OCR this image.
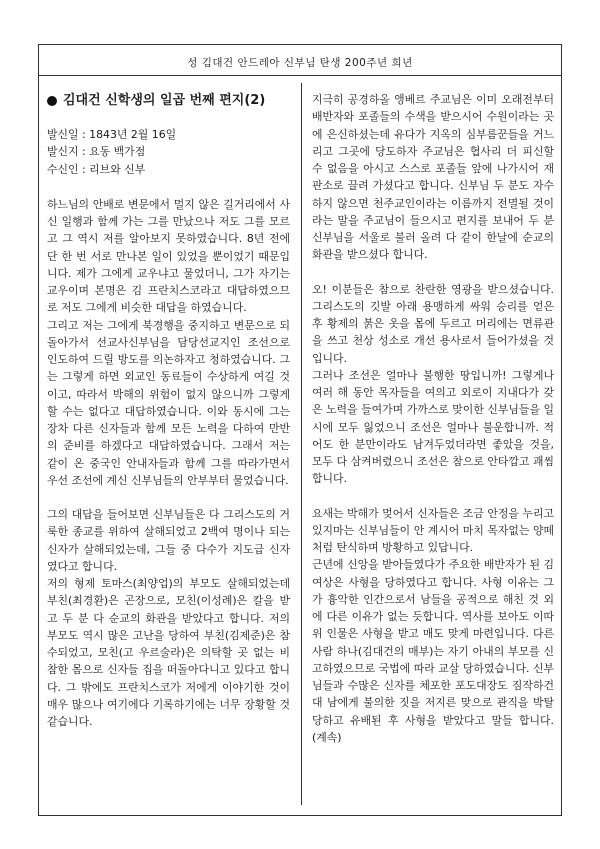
성 김대건 안드레아 신부님 탄생 200주년 희년
김대건 신학생의 일곱 번째 편지(2)

발신일 : 1843년 2월 16일

발신지 : 요동 백가점

수신인 : 리브와 신부

하느님의 안배로 변문에서 멀지 않은 길거리에서 사신 일행과 함께 가는 그를 만났으나 저도 그를 모르고 그 역시 저를 알아보지 못하였습니다. 8년 전에 단 한 번 서로 만나본 일이 있었을 뿐이었기 때문입니다. 제가 그에게 교우냐고 물었더니, 그가 자기는 교우이며 본명은 김 프란치스코라고 대답하였으므로 저도 그에게 비슷한 대답을 하였습니다.

그리고 저는 그에게 북경행을 중지하고 변문으로 되돌아가서 선교사신부님을 담당선교지인 조선으로 인도하여 드릴 방도를 의논하자고 청하였습니다. 그는 그렇게 하면 외교인 동료들이 수상하게 여길 것이고, 따라서 박해의 위험이 없지 않으니까 그렇게 할 수는 없다고 대답하였습니다. 이와 동시에 그는 장차 다른 신자들과 함께 모든 노력을 다하여 만반의 준비를 하겠다고 대답하였습니다. 그래서 저는 같이 온 중국인 안내자들과 함께 그를 따라가면서 우선 조선에 계신 신부님들의 안부부터 물었습니다.

그의 대답을 들어보면 신부님들은 다 그리스도의 거룩한 종교를 위하여 살해되었고 2백여 명이나 되는 신자가 살해되었는데, 그들 중 다수가 지도급 신자였다고 합니다.

저의 형제 토마스(최양업)의 부모도 살해되었는데 부친(최경환)은 곤장으로, 모친(이성례)은 칼을 받고 두 분 다 순교의 화관을 받았다고 합니다. 저의 부모도 역시 많은 고난을 당하여 부친(김제준)은 참수되었고, 모친(고 우르술라)은 의탁할 곳 없는 비참한 몸으로 신자들 집을 떠돌아다니고 있다고 합니다. 그 밖에도 프란치스코가 저에게 이야기한 것이 매우 많으나 여기에다 기록하기에는 너무 장황할 것 같습니다.

지극히 공경하올 앵베르 주교님은 이미 오래전부터 배반자와 포졸들의 수색을 받으시어 수원이라는 곳에 은신하셨는데 유다가 지옥의 심부름꾼들을 거느리고 그곳에 당도하자 주교님은 협사리 더 피신할 수 없음을 아시고 스스로 포졸들 앞에 나가시어 재판소로 끌려 가셨다고 합니다. 신부님 두 분도 자수하지 않으면 천주교인이라는 이름까지 전멸될 것이라는 말을 주교님이 들으시고 편지를 보내어 두 분 신부님을 서울로 불러 올려 다 같이 한날에 순교의 화관을 받으셨다 합니다.

오! 이분들은 참으로 찬란한 영광을 받으셨습니다. 그리스도의 깃발 아래 용맹하게 싸워 승리를 얻은 후 황제의 붉은 옷을 몸에 두르고 머리에는 면류관을 쓰고 천상 성소로 개선 용사로서 들어가셨을 것입니다.

그러나 조선은 얼마나 불행한 땅입니까! 그렇게나 여러 해 동안 목자들을 여의고 외로이 지내다가 갖은 노력을 들여가며 가까스로 맞이한 신부님들을 일시에 모두 잃었으니 조선은 얼마나 불운합니까. 적어도 한 분만이라도 남겨두었더라면 좋았을 것을, 모두 다 삼켜버렸으니 조선은 참으로 안타깝고 괘씸합니다.

요새는 박해가 멎어서 신자들은 조금 안정을 누리고 있지마는 신부님들이 안 계시어 마치 목자없는 양떼처럼 탄식하며 방황하고 있답니다.

근년에 신앙을 받아들였다가 주요한 배반자가 된 김여상은 사형을 당하였다고 합니다. 사형 이유는 그가 흉악한 인간으로서 남들을 공적으로 해친 것 외에 다른 이유가 없는 듯합니다. 역사를 보아도 이따위 인물은 사형을 받고 매도 맞게 마련입니다. 다른 사람 하나(김대건의 매부)는 자기 아내의 부모를 신고하였으므로 국법에 따라 교살 당하였습니다. 신부님들과 수많은 신자를 체포한 포도대장도 짐작하건대 남에게 불의한 짓을 저지른 맞으로 관직을 박탈당하고 유배된 후 사형을 받았다고 말들 합니다. (계속)
